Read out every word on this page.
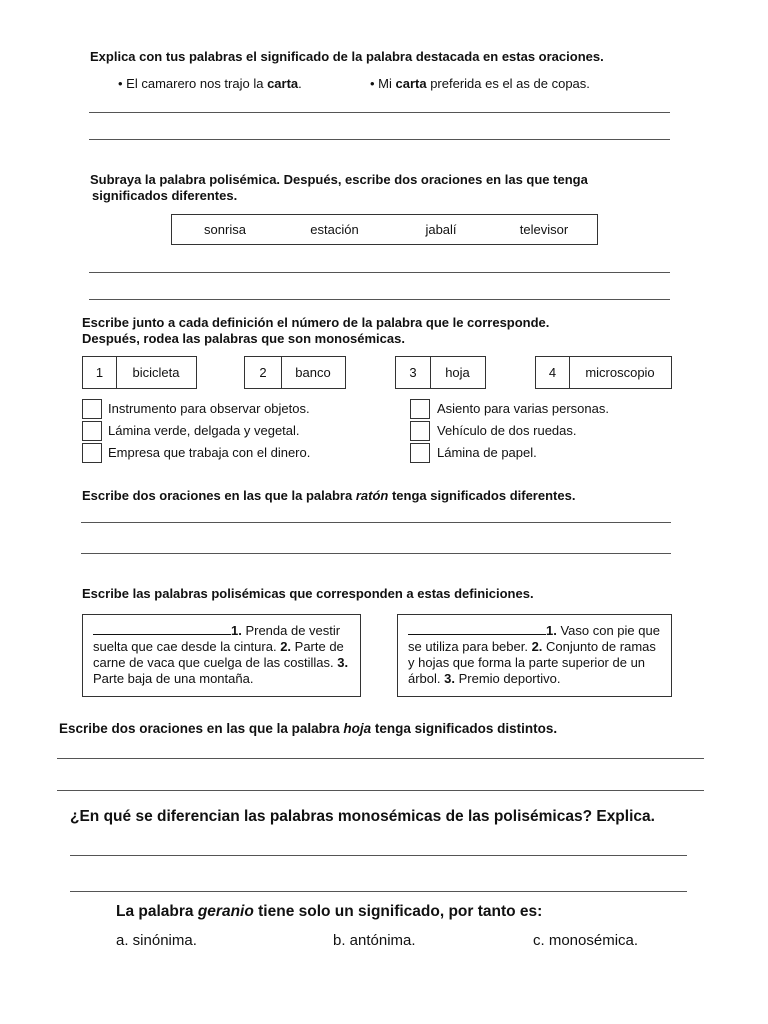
Explica con tus palabras el significado de la palabra destacada en estas oraciones.
• El camarero nos trajo la carta.	• Mi carta preferida es el as de copas.
Subraya la palabra polisémica. Después, escribe dos oraciones en las que tenga
significados diferentes.
sonrisa	estación	jabalí	televisor
Escribe junto a cada definición el número de la palabra que le corresponde.
Después, rodea las palabras que son monosémicas.
1	bicicleta	2	banco	3	hoja	4	microscopio
Instrumento para observar objetos.
Lámina verde, delgada y vegetal.
Empresa que trabaja con el dinero.
Asiento para varias personas.
Vehículo de dos ruedas.
Lámina de papel.
Escribe dos oraciones en las que la palabra ratón tenga significados diferentes.
Escribe las palabras polisémicas que corresponden a estas definiciones.
1. Prenda de vestir suelta que cae desde la cintura. 2. Parte de carne de vaca que cuelga de las costillas. 3. Parte baja de una montaña.
1. Vaso con pie que se utiliza para beber. 2. Conjunto de ramas y hojas que forma la parte superior de un árbol. 3. Premio deportivo.
Escribe dos oraciones en las que la palabra hoja tenga significados distintos.
¿En qué se diferencian las palabras monosémicas de las polisémicas? Explica.
La palabra geranio tiene solo un significado, por tanto es:
a. sinónima.	b. antónima.	c. monosémica.
